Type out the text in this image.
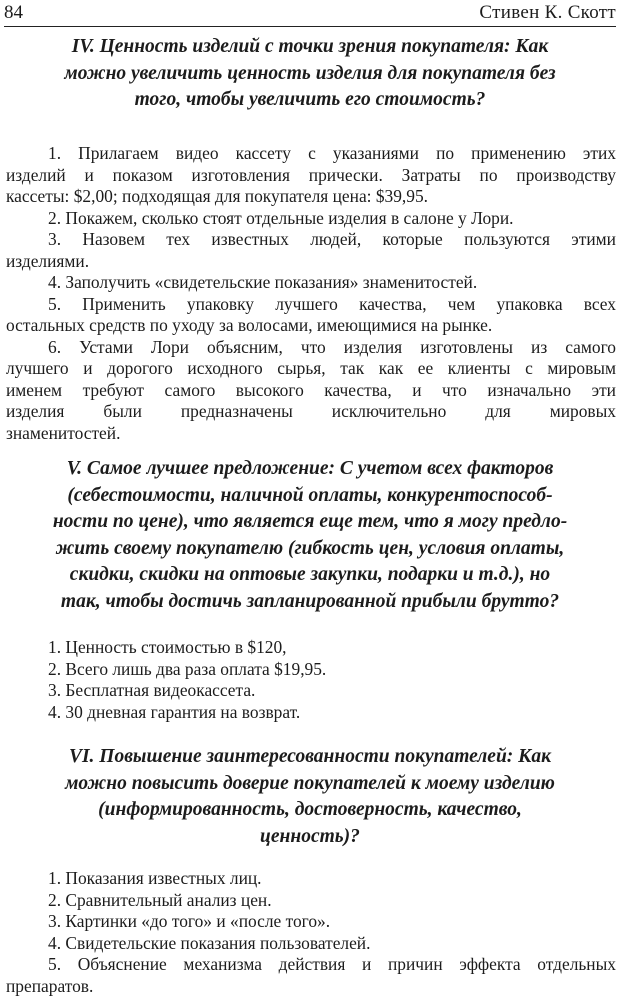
84	Стивен К. Скотт
IV. Ценность изделий с точки зрения покупателя: Как
можно увеличить ценность изделия для покупателя без
того, чтобы увеличить его стоимость?
1. Прилагаем видео кассету с указаниями по применению этих
изделий и показом изготовления прически. Затраты по производству
кассеты: $2,00; подходящая для покупателя цена: $39,95.
2. Покажем, сколько стоят отдельные изделия в салоне у Лори.
3. Назовем тех известных людей, которые пользуются этими
изделиями.
4. Заполучить «свидетельские показания» знаменитостей.
5. Применить упаковку лучшего качества, чем упаковка всех
остальных средств по уходу за волосами, имеющимися на рынке.
6. Устами Лори объясним, что изделия изготовлены из самого
лучшего и дорогого исходного сырья, так как ее клиенты с мировым
именем требуют самого высокого качества, и что изначально эти
изделия были предназначены исключительно для мировых
знаменитостей.
V. Самое лучшее предложение: С учетом всех факторов
(себестоимости, наличной оплаты, конкурентоспособ-
ности по цене), что является еще тем, что я могу предло-
жить своему покупателю (гибкость цен, условия оплаты,
скидки, скидки на оптовые закупки, подарки и т.д.), но
так, чтобы достичь запланированной прибыли брутто?
1. Ценность стоимостью в $120,
2. Всего лишь два раза оплата $19,95.
3. Бесплатная видеокассета.
4. 30 дневная гарантия на возврат.
VI. Повышение заинтересованности покупателей: Как
можно повысить доверие покупателей к моему изделию
(информированность, достоверность, качество,
ценность)?
1. Показания известных лиц.
2. Сравнительный анализ цен.
3. Картинки «до того» и «после того».
4. Свидетельские показания пользователей.
5. Объяснение механизма действия и причин эффекта отдельных
препаратов.
